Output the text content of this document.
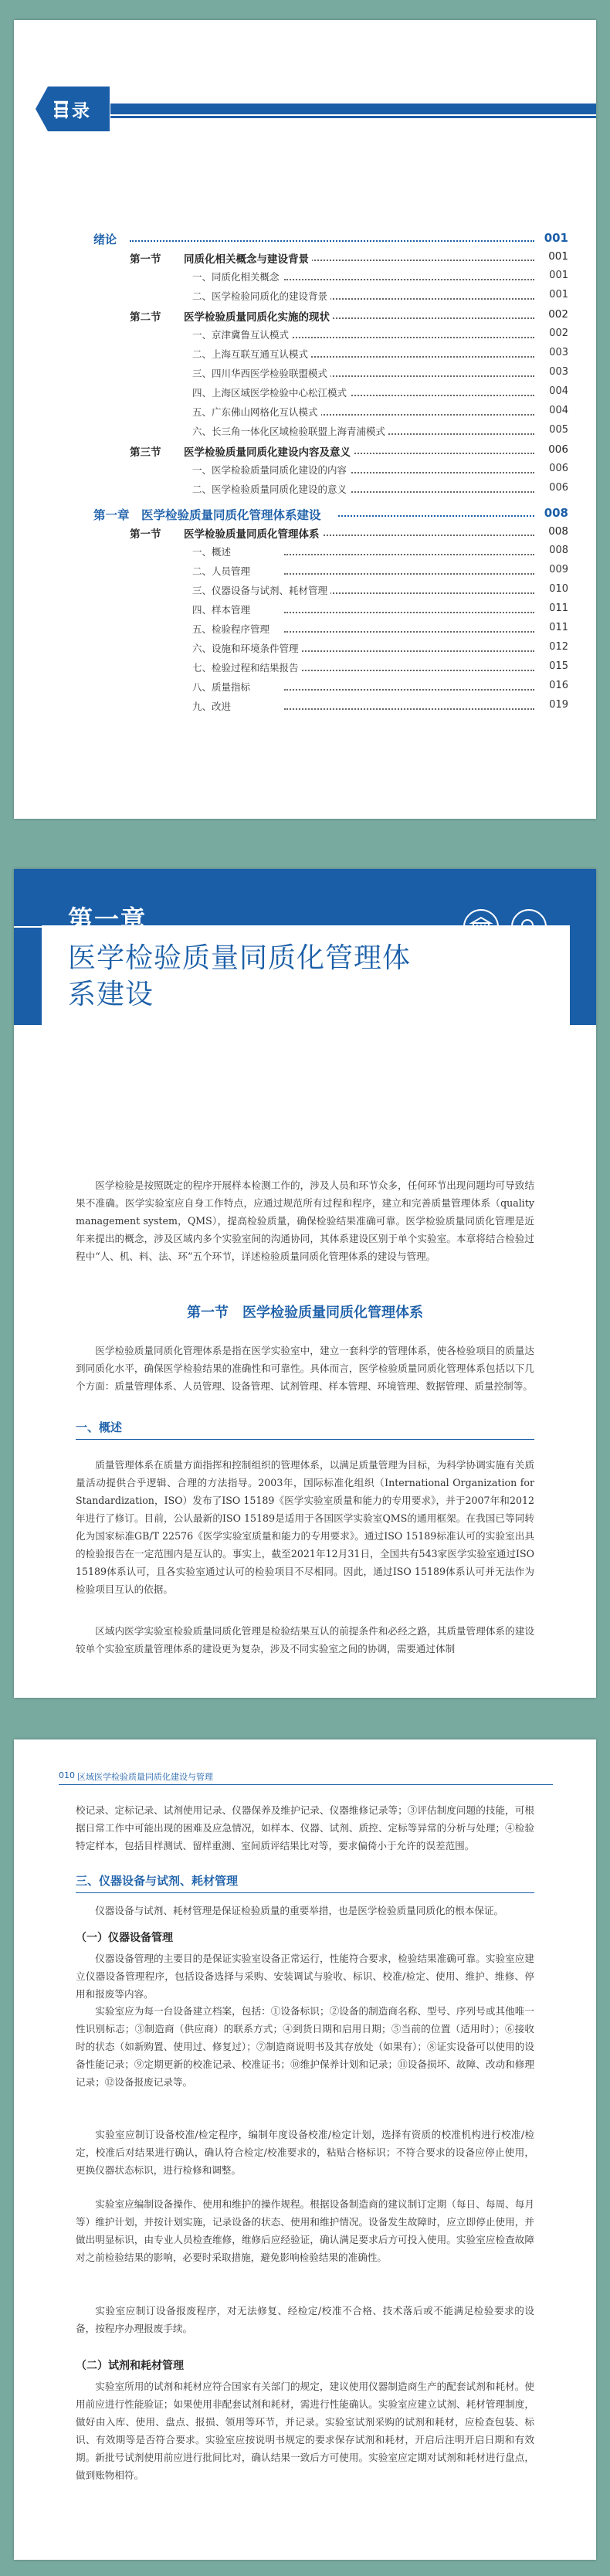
目录
绪论	001
第一节 同质化相关概念与建设背景	001
一、同质化相关概念	001
二、医学检验同质化的建设背景	001
第二节 医学检验质量同质化实施的现状	002
一、京津冀鲁互认模式	002
二、上海互联互通互认模式	003
三、四川华西医学检验联盟模式	003
四、上海区域医学检验中心松江模式	004
五、广东佛山网格化互认模式	004
六、长三角一体化区域检验联盟上海青浦模式	005
第三节 医学检验质量同质化建设内容及意义	006
一、医学检验质量同质化建设的内容	006
二、医学检验质量同质化建设的意义	006
第一章　医学检验质量同质化管理体系建设	008
第一节 医学检验质量同质化管理体系	008
一、概述	008
二、人员管理	009
三、仪器设备与试剂、耗材管理	010
四、样本管理	011
五、检验程序管理	011
六、设施和环境条件管理	012
七、检验过程和结果报告	015
八、质量指标	016
九、改进	019
第一章
医学检验质量同质化管理体系建设
医学检验是按照既定的程序开展样本检测工作的，涉及人员和环节众多，任何环节出现问题均可导致结果不准确。医学实验室应自身工作特点，应通过规范所有过程和程序，建立和完善质量管理体系（quality management system，QMS），提高检验质量，确保检验结果准确可靠。医学检验质量同质化管理是近年来提出的概念，涉及区域内多个实验室间的沟通协同，其体系建设区别于单个实验室。本章将结合检验过程中“人、机、料、法、环”五个环节，详述检验质量同质化管理体系的建设与管理。
第一节　医学检验质量同质化管理体系
医学检验质量同质化管理体系是指在医学实验室中，建立一套科学的管理体系，使各检验项目的质量达到同质化水平，确保医学检验结果的准确性和可靠性。具体而言，医学检验质量同质化管理体系包括以下几个方面：质量管理体系、人员管理、设备管理、试剂管理、样本管理、环境管理、数据管理、质量控制等。
一、概述
质量管理体系在质量方面指挥和控制组织的管理体系，以满足质量管理为目标，为科学协调实施有关质量活动提供合乎逻辑、合理的方法指导。2003年，国际标准化组织（International Organization for Standardization，ISO）发布了ISO 15189《医学实验室质量和能力的专用要求》，并于2007年和2012年进行了修订。目前，公认最新的ISO 15189是适用于各国医学实验室QMS的通用框架。在我国已等同转化为国家标准GB/T 22576《医学实验室质量和能力的专用要求》。通过ISO 15189标准认可的实验室出具的检验报告在一定范围内是互认的。事实上，截至2021年12月31日，全国共有543家医学实验室通过ISO 15189体系认可，且各实验室通过认可的检验项目不尽相同。因此，通过ISO 15189体系认可并无法作为检验项目互认的依据。
区域内医学实验室检验质量同质化管理是检验结果互认的前提条件和必经之路，其质量管理体系的建设较单个实验室质量管理体系的建设更为复杂，涉及不同实验室之间的协调，需要通过体制
010 区域医学检验质量同质化建设与管理
校记录、定标记录、试剂使用记录、仪器保养及维护记录、仪器维修记录等；③评估制度问题的技能，可根据日常工作中可能出现的困难及应急情况，如样本、仪器、试剂、质控、定标等异常的分析与处理；④检验特定样本，包括目样测试、留样重测、室间质评结果比对等，要求偏倚小于允许的误差范围。
三、仪器设备与试剂、耗材管理
仪器设备与试剂、耗材管理是保证检验质量的重要举措，也是医学检验质量同质化的根本保证。
（一）仪器设备管理
仪器设备管理的主要目的是保证实验室设备正常运行，性能符合要求，检验结果准确可靠。实验室应建立仪器设备管理程序，包括设备选择与采购、安装调试与验收、标识、校准/检定、使用、维护、维修、停用和报废等内容。
实验室应为每一台设备建立档案，包括：①设备标识；②设备的制造商名称、型号、序列号或其他唯一性识别标志；③制造商（供应商）的联系方式；④到货日期和启用日期；⑤当前的位置（适用时）；⑥接收时的状态（如新购置、使用过、修复过）；⑦制造商说明书及其存放处（如果有）；⑧证实设备可以使用的设备性能记录；⑨定期更新的校准记录、校准证书；⑩维护保养计划和记录；⑪设备损坏、故障、改动和修理记录；⑫设备报废记录等。
实验室应制订设备校准/检定程序，编制年度设备校准/检定计划，选择有资质的校准机构进行校准/检定，校准后对结果进行确认，确认符合检定/校准要求的，粘贴合格标识；不符合要求的设备应停止使用，更换仪器状态标识，进行检修和调整。
实验室应编制设备操作、使用和维护的操作规程。根据设备制造商的建议制订定期（每日、每周、每月等）维护计划，并按计划实施，记录设备的状态、使用和维护情况。设备发生故障时，应立即停止使用，并做出明显标识，由专业人员检查维修，维修后应经验证，确认满足要求后方可投入使用。实验室应检查故障对之前检验结果的影响，必要时采取措施，避免影响检验结果的准确性。
实验室应制订设备报废程序，对无法修复、经检定/校准不合格、技术落后或不能满足检验要求的设备，按程序办理报废手续。
（二）试剂和耗材管理
实验室所用的试剂和耗材应符合国家有关部门的规定，建议使用仪器制造商生产的配套试剂和耗材。使用前应进行性能验证；如果使用非配套试剂和耗材，需进行性能确认。实验室应建立试剂、耗材管理制度，做好由入库、使用、盘点、报损、领用等环节，并记录。实验室试剂采购的试剂和耗材，应检查包装、标识、有效期等是否符合要求。实验室应按说明书规定的要求保存试剂和耗材，开启后注明开启日期和有效期。新批号试剂使用前应进行批间比对，确认结果一致后方可使用。实验室应定期对试剂和耗材进行盘点，做到账物相符。
